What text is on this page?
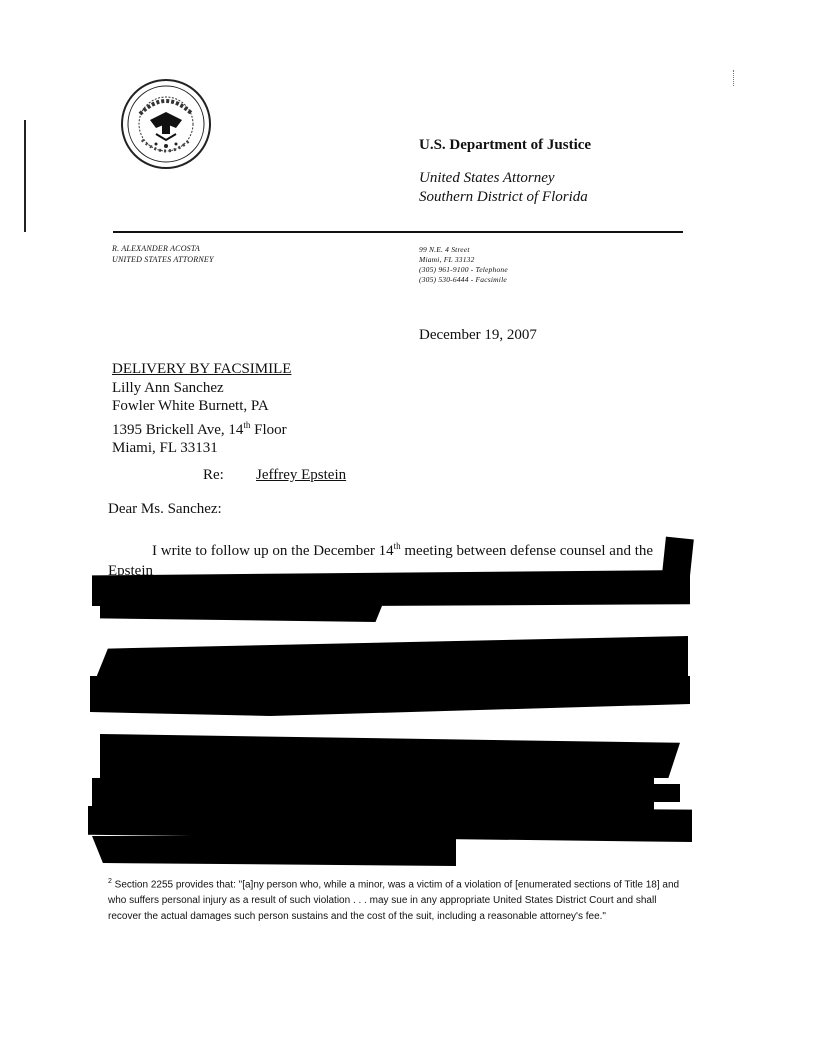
U.S. Department of Justice
United States Attorney
Southern District of Florida
R. ALEXANDER ACOSTA
UNITED STATES ATTORNEY
99 N.E. 4 Street
Miami, FL 33132
(305) 961-9100 - Telephone
(305) 530-6444 - Facsimile
December 19, 2007
DELIVERY BY FACSIMILE
Lilly Ann Sanchez
Fowler White Burnett, PA
1395 Brickell Ave, 14th Floor
Miami, FL 33131
Re: Jeffrey Epstein
Dear Ms. Sanchez:
I write to follow up on the December 14th meeting between defense counsel and the Epstein
$^2$ Section 2255 provides that: "[a]ny person who, while a minor, was a victim of a violation of [enumerated sections of Title 18] and who suffers personal injury as a result of such violation . . . may sue in any appropriate United States District Court and shall recover the actual damages such person sustains and the cost of the suit, including a reasonable attorney's fee."
